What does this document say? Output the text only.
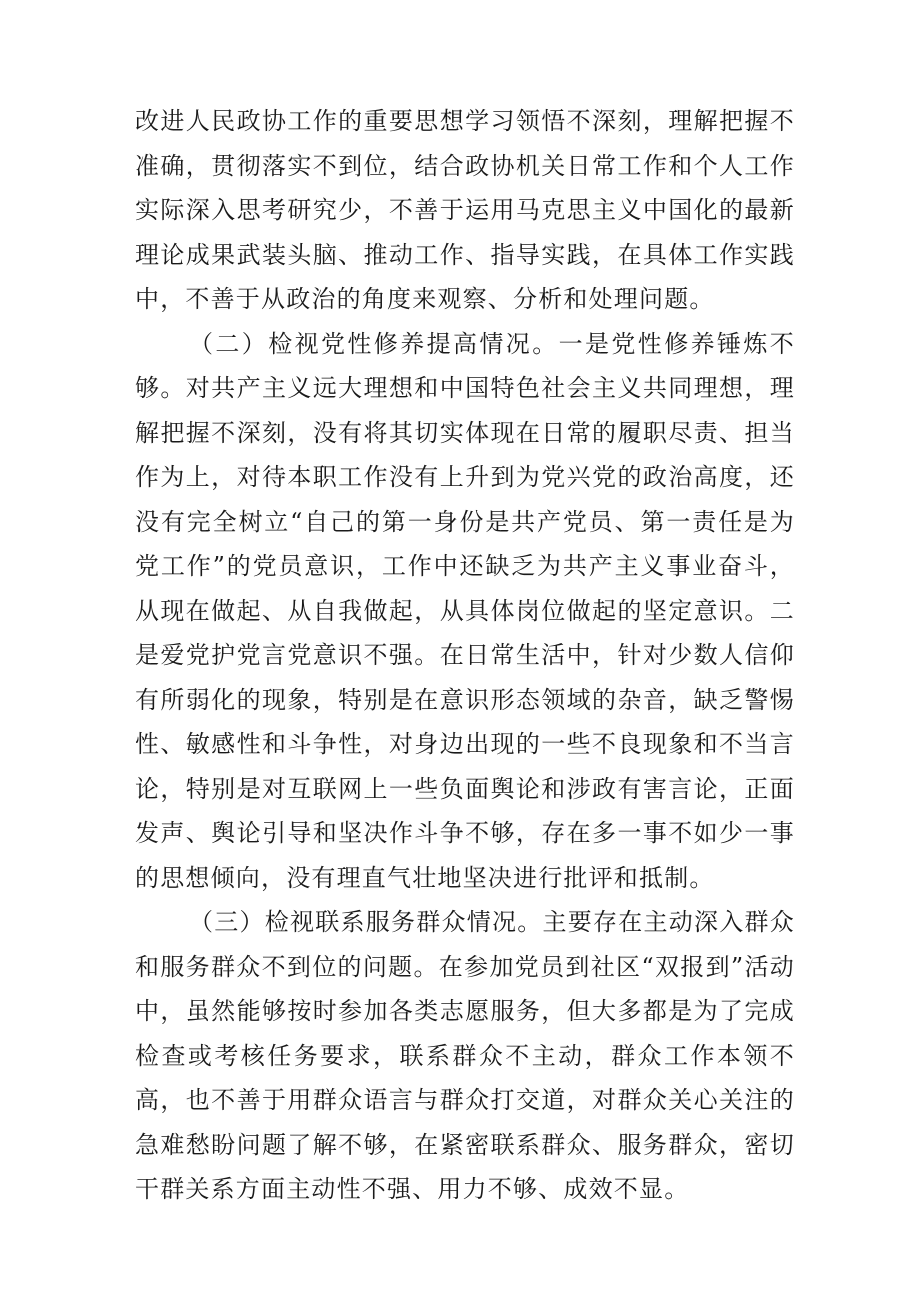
改进人民政协工作的重要思想学习领悟不深刻，理解把握不准确，贯彻落实不到位，结合政协机关日常工作和个人工作实际深入思考研究少，不善于运用马克思主义中国化的最新理论成果武装头脑、推动工作、指导实践，在具体工作实践中，不善于从政治的角度来观察、分析和处理问题。

（二）检视党性修养提高情况。一是党性修养锤炼不够。对共产主义远大理想和中国特色社会主义共同理想，理解把握不深刻，没有将其切实体现在日常的履职尽责、担当作为上，对待本职工作没有上升到为党兴党的政治高度，还没有完全树立“自己的第一身份是共产党员、第一责任是为党工作”的党员意识，工作中还缺乏为共产主义事业奋斗，从现在做起、从自我做起，从具体岗位做起的坚定意识。二是爱党护党言党意识不强。在日常生活中，针对少数人信仰有所弱化的现象，特别是在意识形态领域的杂音，缺乏警惕性、敏感性和斗争性，对身边出现的一些不良现象和不当言论，特别是对互联网上一些负面舆论和涉政有害言论，正面发声、舆论引导和坚决作斗争不够，存在多一事不如少一事的思想倾向，没有理直气壮地坚决进行批评和抵制。

（三）检视联系服务群众情况。主要存在主动深入群众和服务群众不到位的问题。在参加党员到社区“双报到”活动中，虽然能够按时参加各类志愿服务，但大多都是为了完成检查或考核任务要求，联系群众不主动，群众工作本领不高，也不善于用群众语言与群众打交道，对群众关心关注的急难愁盼问题了解不够，在紧密联系群众、服务群众，密切干群关系方面主动性不强、用力不够、成效不显。
